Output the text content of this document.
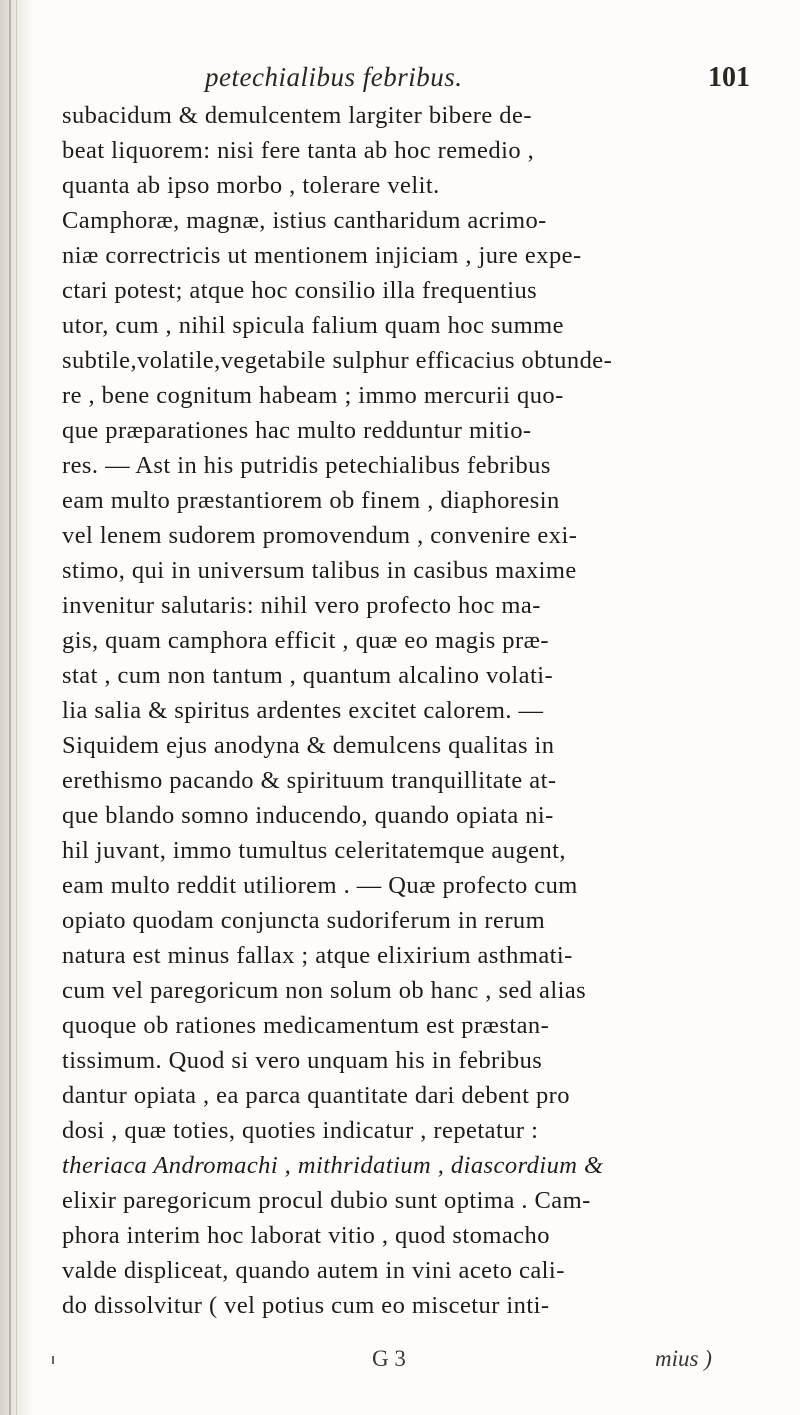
petechialibus febribus.	101
subacidum & demulcentem largiter bibere de-
beat liquorem: nisi fere tanta ab hoc remedio ,
quanta ab ipso morbo , tolerare velit.
Camphoræ, magnæ, istius cantharidum acrimo-
niæ correctricis ut mentionem injiciam , jure expe-
ctari potest; atque hoc consilio illa frequentius
utor, cum , nihil spicula falium quam hoc summe
subtile,volatile,vegetabile sulphur efficacius obtunde-
re , bene cognitum habeam ; immo mercurii quo-
que præparationes hac multo redduntur mitio-
res. — Ast in his putridis petechialibus febribus
eam multo præstantiorem ob finem , diaphoresin
vel lenem sudorem promovendum , convenire exi-
stimo, qui in universum talibus in casibus maxime
invenitur salutaris: nihil vero profecto hoc ma-
gis, quam camphora efficit , quæ eo magis præ-
stat , cum non tantum , quantum alcalino volati-
lia salia & spiritus ardentes excitet calorem. —
Siquidem ejus anodyna & demulcens qualitas in
erethismo pacando & spirituum tranquillitate at-
que blando somno inducendo, quando opiata ni-
hil juvant, immo tumultus celeritatemque augent,
eam multo reddit utiliorem . — Quæ profecto cum
opiato quodam conjuncta sudoriferum in rerum
natura est minus fallax ; atque elixirium asthmati-
cum vel paregoricum non solum ob hanc , sed alias
quoque ob rationes medicamentum est præstan-
tissimum. Quod si vero unquam his in febribus
dantur opiata , ea parca quantitate dari debent pro
dosi , quæ toties, quoties indicatur , repetatur :
theriaca Andromachi , mithridatium , diascordium &
elixir paregoricum procul dubio sunt optima . Cam-
phora interim hoc laborat vitio , quod stomacho
valde displiceat, quando autem in vini aceto cali-
do dissolvitur ( vel potius cum eo miscetur inti-
G 3	mius )
